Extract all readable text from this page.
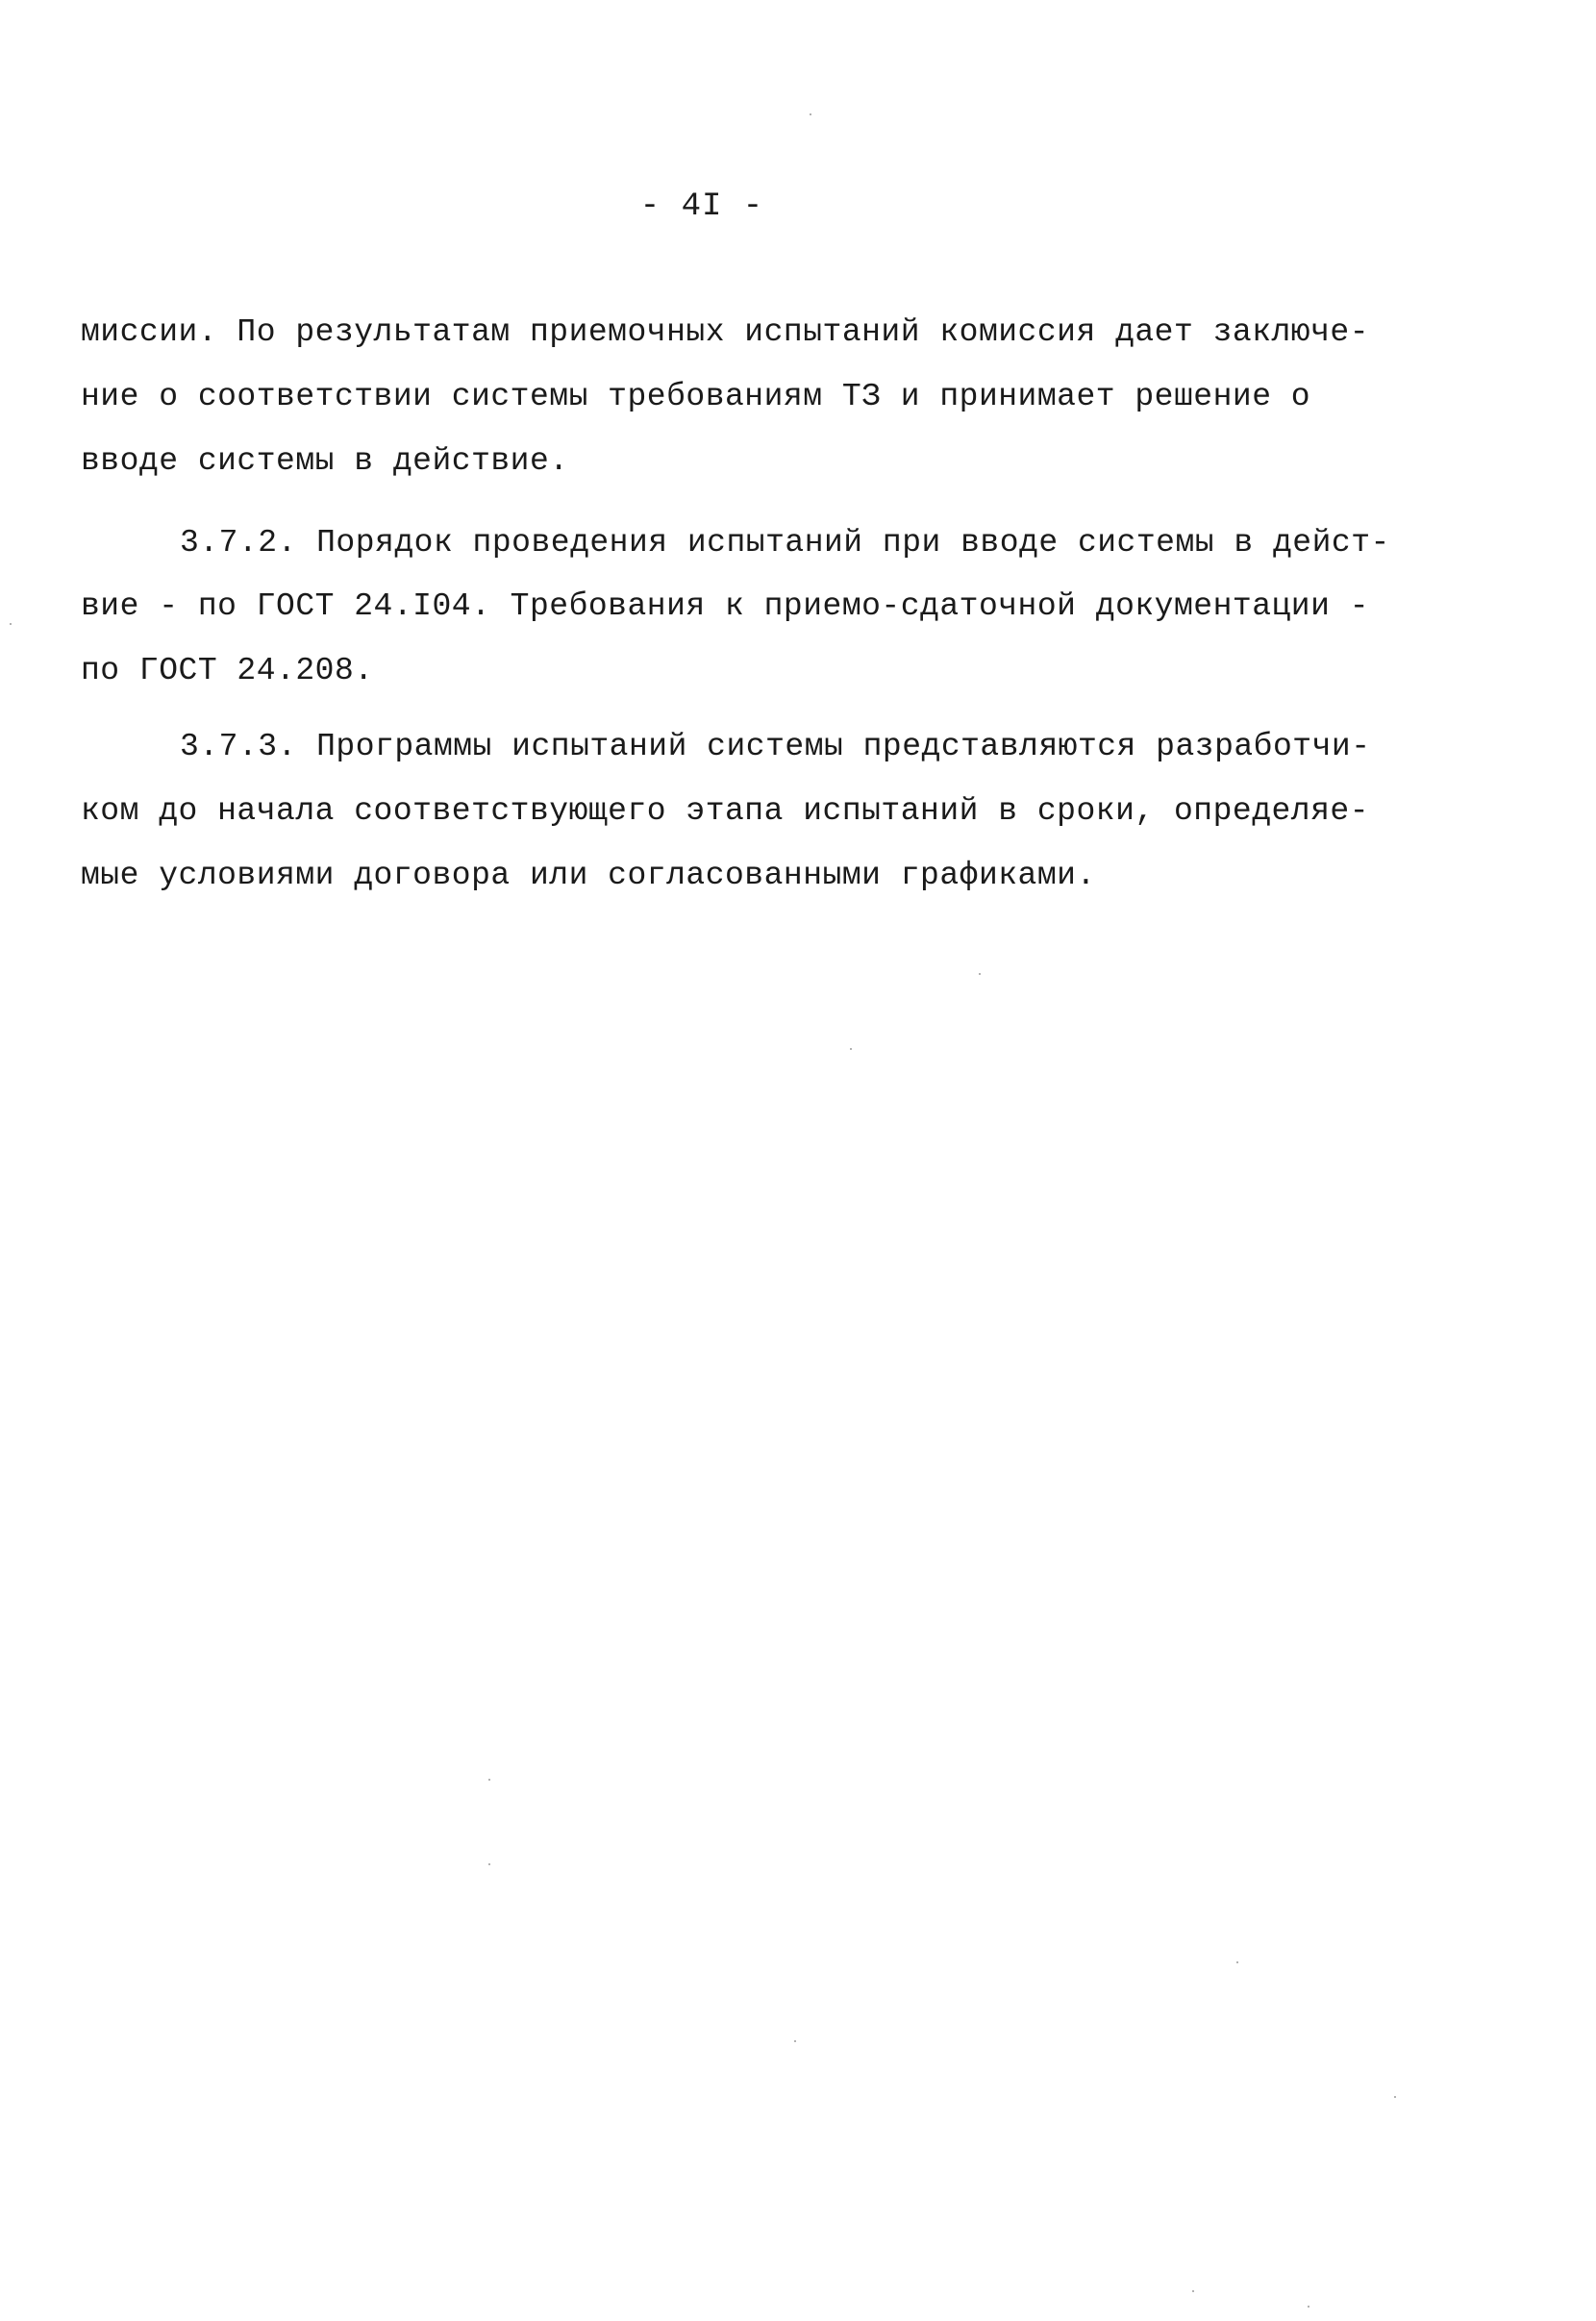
- 4I -
миссии. По результатам приемочных испытаний комиссия дает заключе-
ние о соответствии системы требованиям ТЗ и принимает решение о
вводе системы в действие.
3.7.2. Порядок проведения испытаний при вводе системы в дейст-
вие - по ГОСТ 24.I04. Требования к приемо-сдаточной документации -
по ГОСТ 24.208.
3.7.3. Программы испытаний системы представляются разработчи-
ком до начала соответствующего этапа испытаний в сроки, определяе-
мые условиями договора или согласованными графиками.
